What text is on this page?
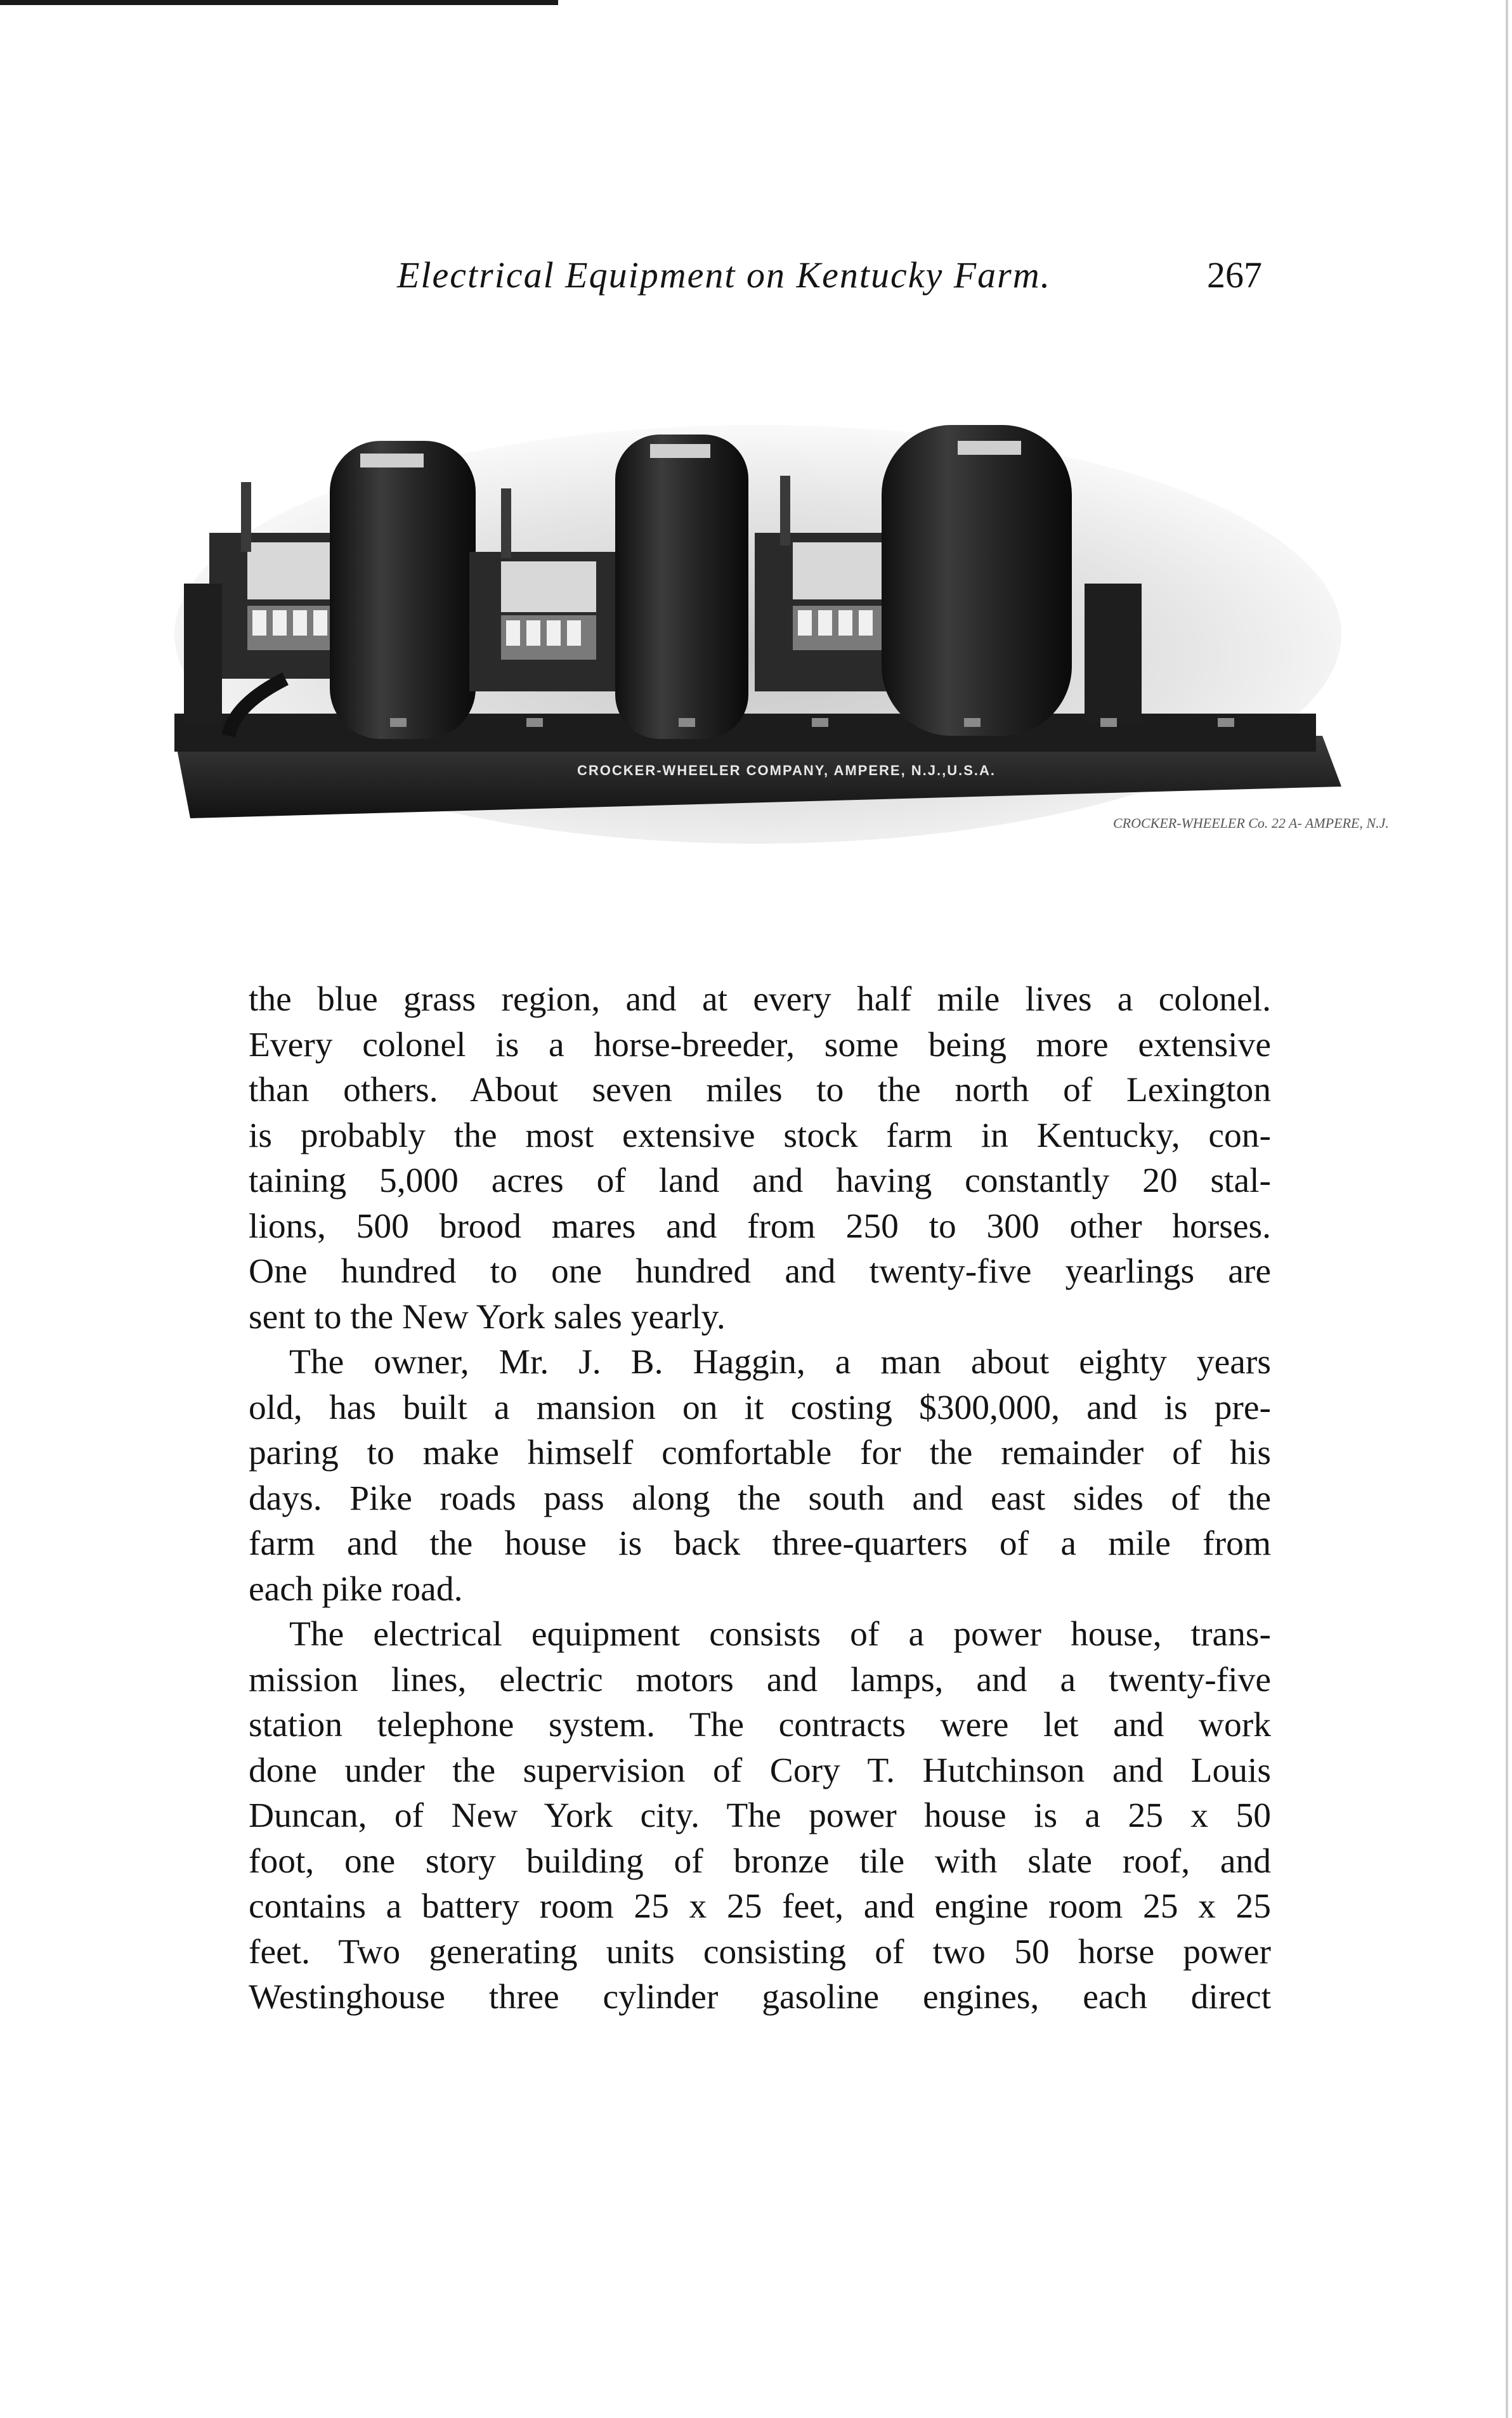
Electrical Equipment on Kentucky Farm.	267
CROCKER-WHEELER COMPANY, AMPERE, N.J.,U.S.A.
CROCKER-WHEELER Co. 22 A- AMPERE, N.J.

the blue grass region, and at every half mile lives a colonel.
Every colonel is a horse-breeder, some being more extensive
than others. About seven miles to the north of Lexington
is probably the most extensive stock farm in Kentucky, con-
taining 5,000 acres of land and having constantly 20 stal-
lions, 500 brood mares and from 250 to 300 other horses.
One hundred to one hundred and twenty-five yearlings are
sent to the New York sales yearly.

The owner, Mr. J. B. Haggin, a man about eighty years
old, has built a mansion on it costing $300,000, and is pre-
paring to make himself comfortable for the remainder of his
days. Pike roads pass along the south and east sides of the
farm and the house is back three-quarters of a mile from
each pike road.

The electrical equipment consists of a power house, trans-
mission lines, electric motors and lamps, and a twenty-five
station telephone system. The contracts were let and work
done under the supervision of Cory T. Hutchinson and Louis
Duncan, of New York city. The power house is a 25 x 50
foot, one story building of bronze tile with slate roof, and
contains a battery room 25 x 25 feet, and engine room 25 x 25
feet. Two generating units consisting of two 50 horse power
Westinghouse three cylinder gasoline engines, each direct
